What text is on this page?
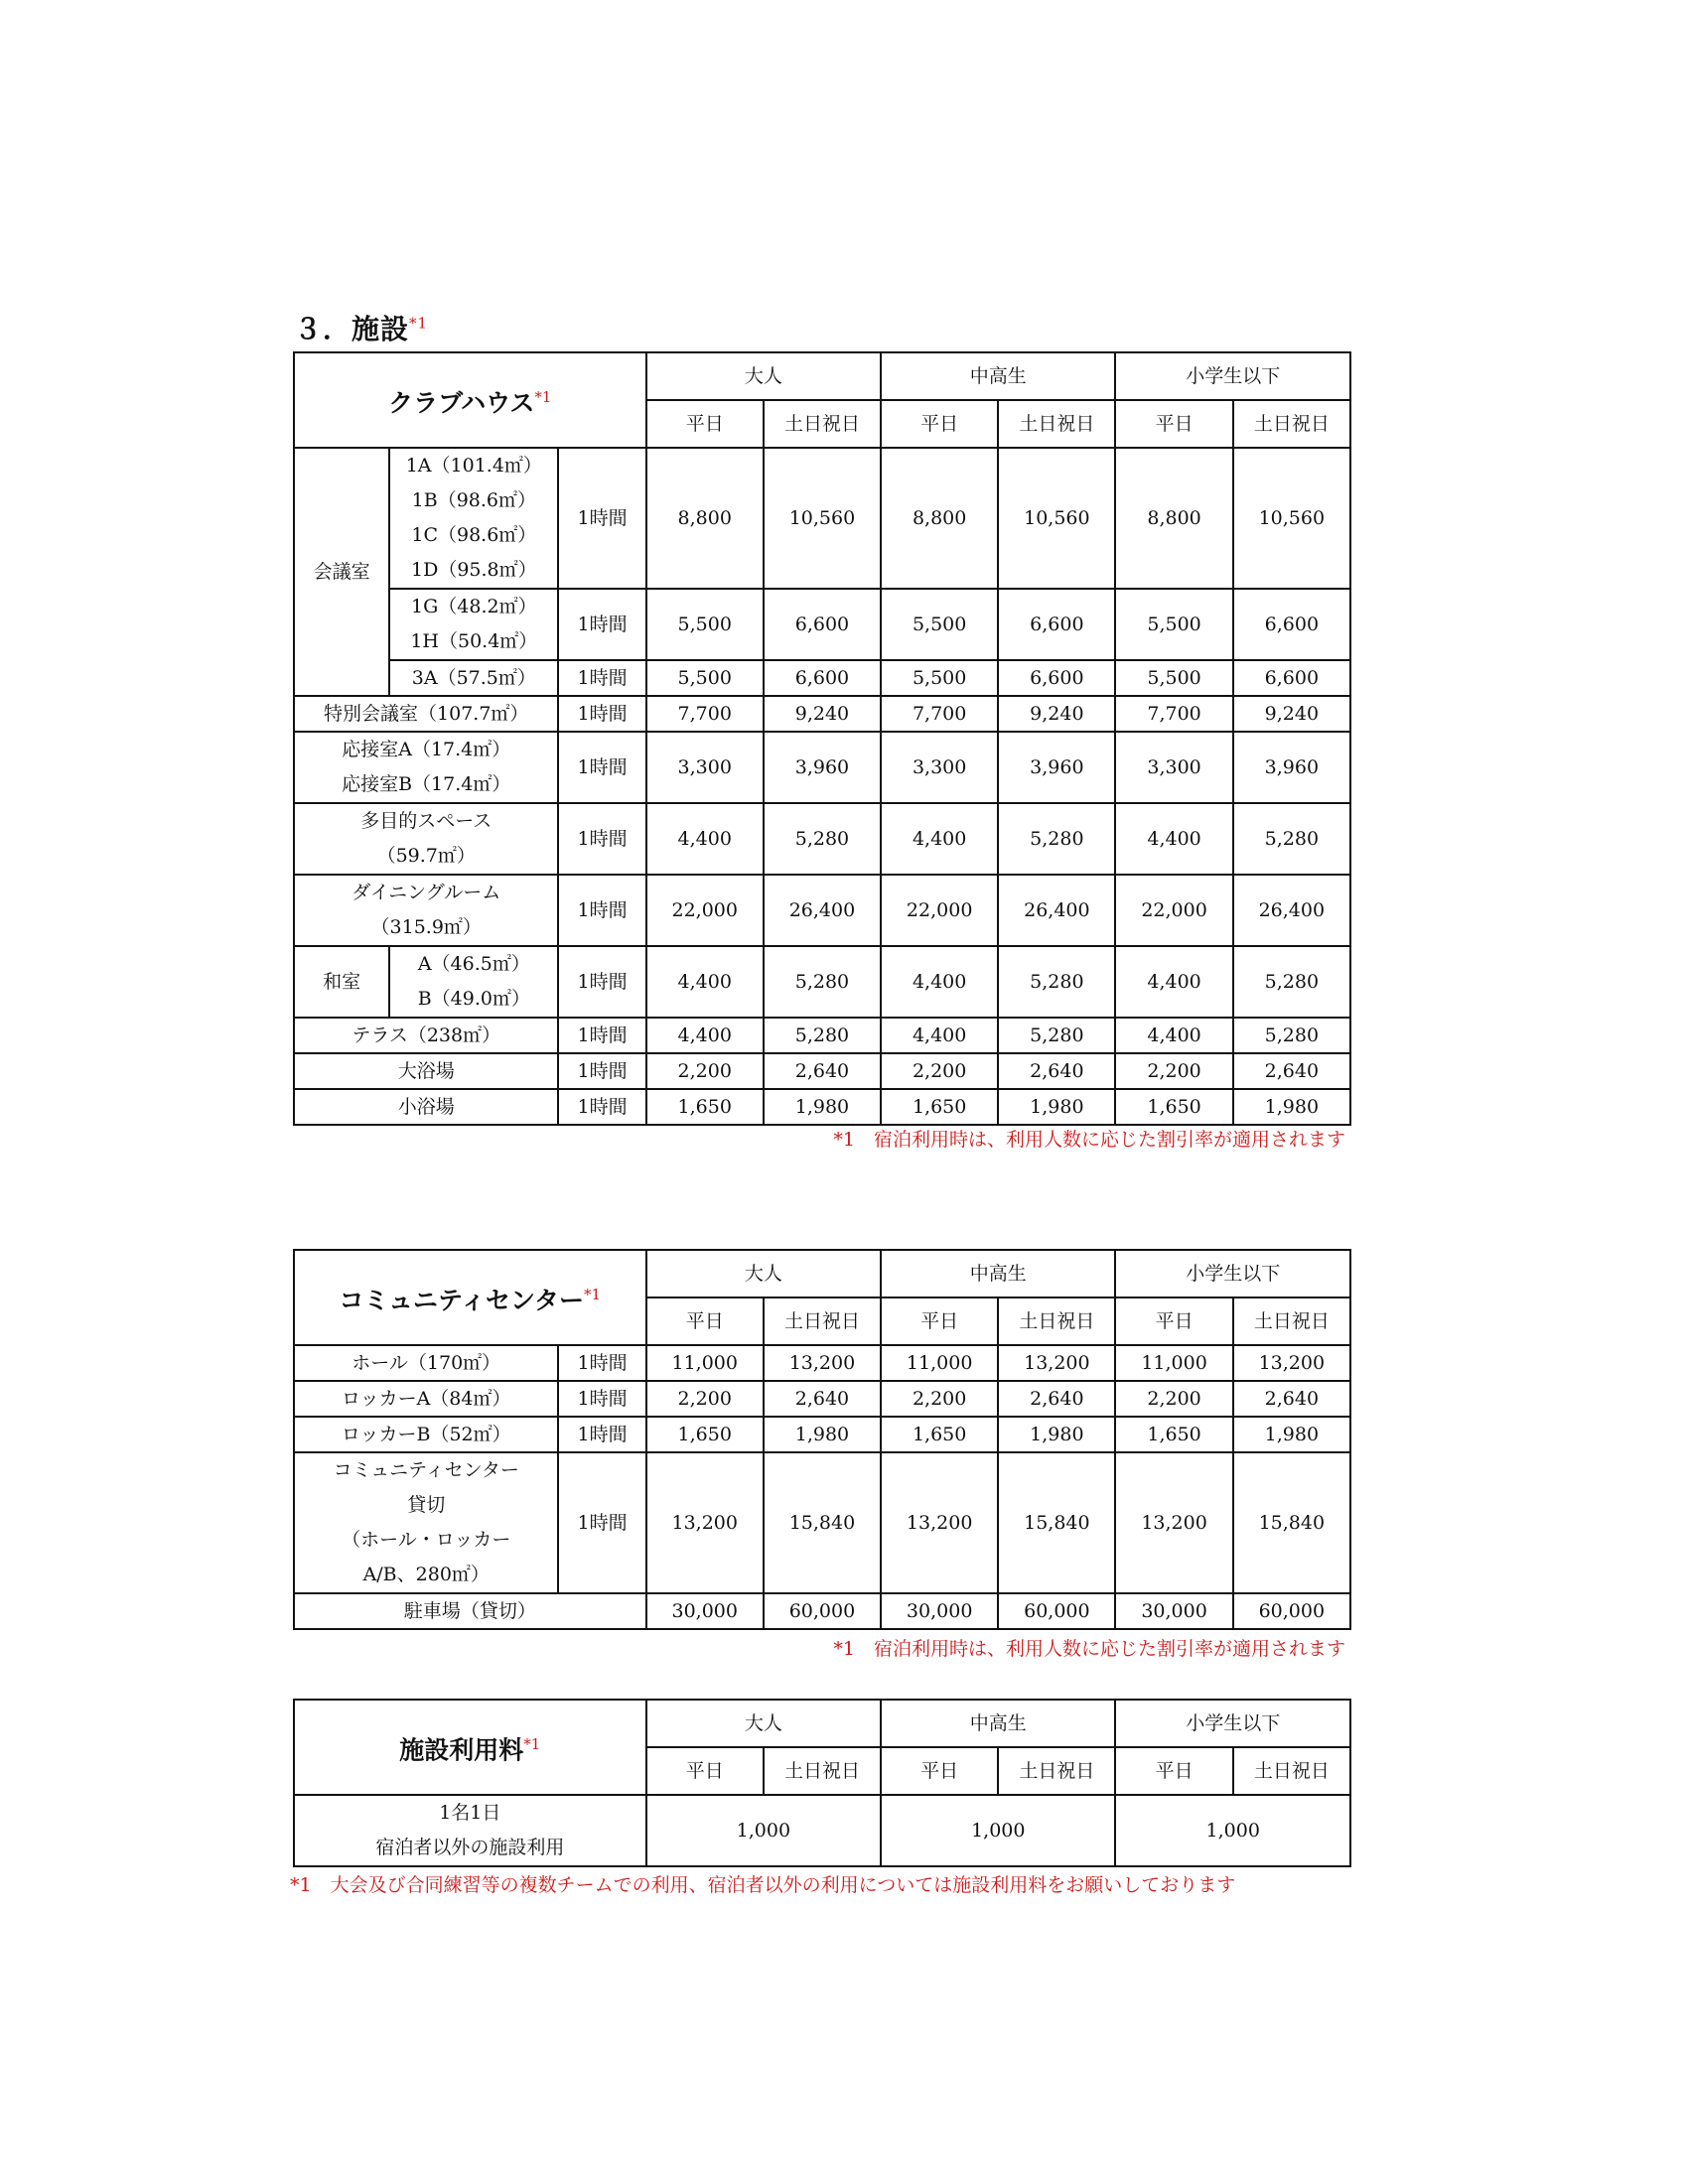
３．施設$^{*1}$
クラブハウス$^{*1}$			大人		中高生		小学生以下	
			平日	土日祝日	平日	土日祝日	平日	土日祝日
会議室	1A（101.4㎡）
1B（98.6㎡）
1C（98.6㎡）
1D（95.8㎡）	1時間	8,800	10,560	8,800	10,560	8,800	10,560

	1G（48.2㎡）
1H（50.4㎡）	1時間	5,500	6,600	5,500	6,600	5,500	6,600
	3A（57.5㎡）	1時間	5,500	6,600	5,500	6,600	5,500	6,600
特別会議室（107.7㎡）		1時間	7,700	9,240	7,700	9,240	7,700	9,240

応接室A（17.4㎡）
応接室B（17.4㎡）		1時間	3,300	3,960	3,300	3,960	3,300	3,960

多目的スペース
（59.7㎡）		1時間	4,400	5,280	4,400	5,280	4,400	5,280

ダイニングルーム
（315.9㎡）		1時間	22,000	26,400	22,000	26,400	22,000	26,400
和室	A（46.5㎡）
B（49.0㎡）	1時間	4,400	5,280	4,400	5,280	4,400	5,280
テラス（238㎡）		1時間	4,400	5,280	4,400	5,280	4,400	5,280
大浴場		1時間	2,200	2,640	2,200	2,640	2,200	2,640
小浴場		1時間	1,650	1,980	1,650	1,980	1,650	1,980
*1　宿泊利用時は、利用人数に応じた割引率が適用されます
コミュニティセンター$^{*1}$		大人		中高生		小学生以下	
		平日	土日祝日	平日	土日祝日	平日	土日祝日
ホール（170㎡）	1時間	11,000	13,200	11,000	13,200	11,000	13,200
ロッカーA（84㎡）	1時間	2,200	2,640	2,200	2,640	2,200	2,640
ロッカーB（52㎡）	1時間	1,650	1,980	1,650	1,980	1,650	1,980

コミュニティセンター
貸切
（ホール・ロッカー
A/B、280㎡）	1時間	13,200	15,840	13,200	15,840	13,200	15,840
駐車場（貸切）		30,000	60,000	30,000	60,000	30,000	60,000
*1　宿泊利用時は、利用人数に応じた割引率が適用されます
施設利用料$^{*1}$	大人		中高生		小学生以下	
	平日	土日祝日	平日	土日祝日	平日	土日祝日

1名1日
宿泊者以外の施設利用	1,000		1,000		1,000	
*1　大会及び合同練習等の複数チームでの利用、宿泊者以外の利用については施設利用料をお願いしております
